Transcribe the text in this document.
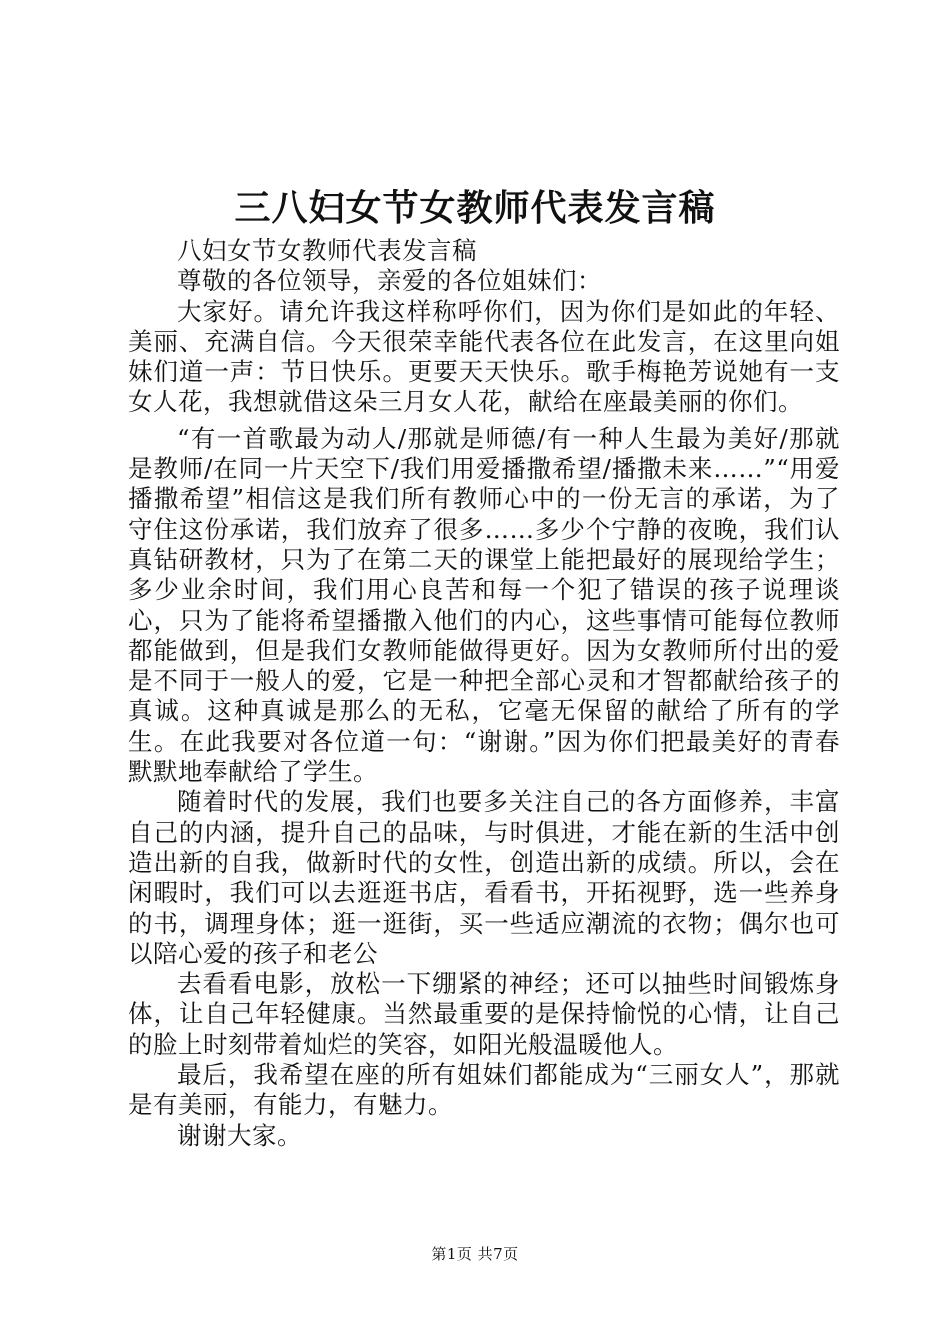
三八妇女节女教师代表发言稿

八妇女节女教师代表发言稿

尊敬的各位领导，亲爱的各位姐妹们：

大家好。请允许我这样称呼你们，因为你们是如此的年轻、美丽、充满自信。今天很荣幸能代表各位在此发言，在这里向姐妹们道一声：节日快乐。更要天天快乐。歌手梅艳芳说她有一支女人花，我想就借这朵三月女人花，献给在座最美丽的你们。

“有一首歌最为动人/那就是师德/有一种人生最为美好/那就是教师/在同一片天空下/我们用爱播撒希望/播撒未来……”“用爱播撒希望”相信这是我们所有教师心中的一份无言的承诺，为了守住这份承诺，我们放弃了很多……多少个宁静的夜晚，我们认真钻研教材，只为了在第二天的课堂上能把最好的展现给学生；多少业余时间，我们用心良苦和每一个犯了错误的孩子说理谈心，只为了能将希望播撒入他们的内心，这些事情可能每位教师都能做到，但是我们女教师能做得更好。因为女教师所付出的爱是不同于一般人的爱，它是一种把全部心灵和才智都献给孩子的真诚。这种真诚是那么的无私，它毫无保留的献给了所有的学生。在此我要对各位道一句：“谢谢。”因为你们把最美好的青春默默地奉献给了学生。

随着时代的发展，我们也要多关注自己的各方面修养，丰富自己的内涵，提升自己的品味，与时俱进，才能在新的生活中创造出新的自我，做新时代的女性，创造出新的成绩。所以，会在闲暇时，我们可以去逛逛书店，看看书，开拓视野，选一些养身的书，调理身体；逛一逛街，买一些适应潮流的衣物；偶尔也可以陪心爱的孩子和老公

去看看电影，放松一下绷紧的神经；还可以抽些时间锻炼身体，让自己年轻健康。当然最重要的是保持愉悦的心情，让自己的脸上时刻带着灿烂的笑容，如阳光般温暖他人。

最后，我希望在座的所有姐妹们都能成为“三丽女人”，那就是有美丽，有能力，有魅力。

谢谢大家。

第1页 共7页
